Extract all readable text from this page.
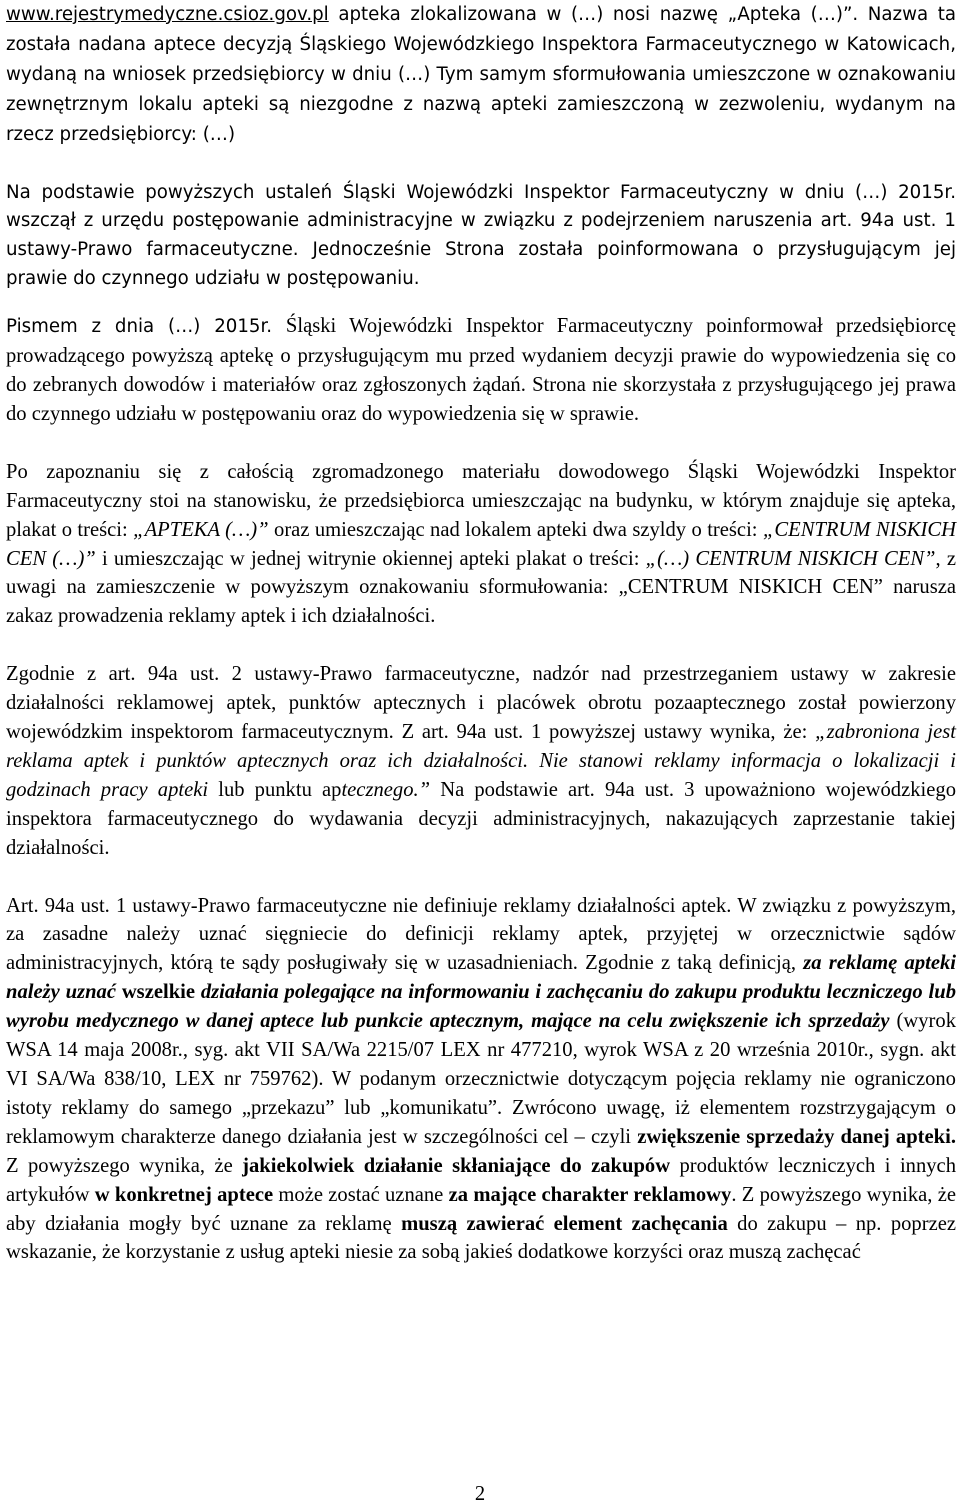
www.rejestrymedyczne.csioz.gov.pl apteka zlokalizowana w (…) nosi nazwę „Apteka (…)”. Nazwa ta została nadana aptece decyzją Śląskiego Wojewódzkiego Inspektora Farmaceutycznego w Katowicach, wydaną na wniosek przedsiębiorcy w dniu (…) Tym samym sformułowania umieszczone w oznakowaniu zewnętrznym lokalu apteki są niezgodne z nazwą apteki zamieszczoną w zezwoleniu, wydanym na rzecz przedsiębiorcy: (…)

Na podstawie powyższych ustaleń Śląski Wojewódzki Inspektor Farmaceutyczny w dniu (…) 2015r. wszczął z urzędu postępowanie administracyjne w związku z podejrzeniem naruszenia art. 94a ust. 1 ustawy-Prawo farmaceutyczne. Jednocześnie Strona została poinformowana o przysługującym jej prawie do czynnego udziału w postępowaniu.

Pismem z dnia (…) 2015r. Śląski Wojewódzki Inspektor Farmaceutyczny poinformował przedsiębiorcę prowadzącego powyższą aptekę o przysługującym mu przed wydaniem decyzji prawie do wypowiedzenia się co do zebranych dowodów i materiałów oraz zgłoszonych żądań. Strona nie skorzystała z przysługującego jej prawa do czynnego udziału w postępowaniu oraz do wypowiedzenia się w sprawie.

Po zapoznaniu się z całością zgromadzonego materiału dowodowego Śląski Wojewódzki Inspektor Farmaceutyczny stoi na stanowisku, że przedsiębiorca umieszczając na budynku, w którym znajduje się apteka, plakat o treści: „APTEKA (…)” oraz umieszczając nad lokalem apteki dwa szyldy o treści: „CENTRUM NISKICH CEN (…)” i umieszczając w jednej witrynie okiennej apteki plakat o treści: „(…) CENTRUM NISKICH CEN”, z uwagi na zamieszczenie w powyższym oznakowaniu sformułowania: „CENTRUM NISKICH CEN” narusza zakaz prowadzenia reklamy aptek i ich działalności.

Zgodnie z art. 94a ust. 2 ustawy-Prawo farmaceutyczne, nadzór nad przestrzeganiem ustawy w zakresie działalności reklamowej aptek, punktów aptecznych i placówek obrotu pozaaptecznego został powierzony wojewódzkim inspektorom farmaceutycznym. Z art. 94a ust. 1 powyższej ustawy wynika, że: „zabroniona jest reklama aptek i punktów aptecznych oraz ich działalności. Nie stanowi reklamy informacja o lokalizacji i godzinach pracy apteki lub punktu aptecznego.” Na podstawie art. 94a ust. 3 upoważniono wojewódzkiego inspektora farmaceutycznego do wydawania decyzji administracyjnych, nakazujących zaprzestanie takiej działalności.

Art. 94a ust. 1 ustawy-Prawo farmaceutyczne nie definiuje reklamy działalności aptek. W związku z powyższym, za zasadne należy uznać sięgniecie do definicji reklamy aptek, przyjętej w orzecznictwie sądów administracyjnych, którą te sądy posługiwały się w uzasadnieniach. Zgodnie z taką definicją, za reklamę apteki należy uznać wszelkie działania polegające na informowaniu i zachęcaniu do zakupu produktu leczniczego lub wyrobu medycznego w danej aptece lub punkcie aptecznym, mające na celu zwiększenie ich sprzedaży (wyrok WSA 14 maja 2008r., syg. akt VII SA/Wa 2215/07 LEX nr 477210, wyrok WSA z 20 września 2010r., sygn. akt VI SA/Wa 838/10, LEX nr 759762). W podanym orzecznictwie dotyczącym pojęcia reklamy nie ograniczono istoty reklamy do samego „przekazu” lub „komunikatu”. Zwrócono uwagę, iż elementem rozstrzygającym o reklamowym charakterze danego działania jest w szczególności cel – czyli zwiększenie sprzedaży danej apteki. Z powyższego wynika, że jakiekolwiek działanie skłaniające do zakupów produktów leczniczych i innych artykułów w konkretnej aptece może zostać uznane za mające charakter reklamowy. Z powyższego wynika, że aby działania mogły być uznane za reklamę muszą zawierać element zachęcania do zakupu – np. poprzez wskazanie, że korzystanie z usług apteki niesie za sobą jakieś dodatkowe korzyści oraz muszą zachęcać

2
